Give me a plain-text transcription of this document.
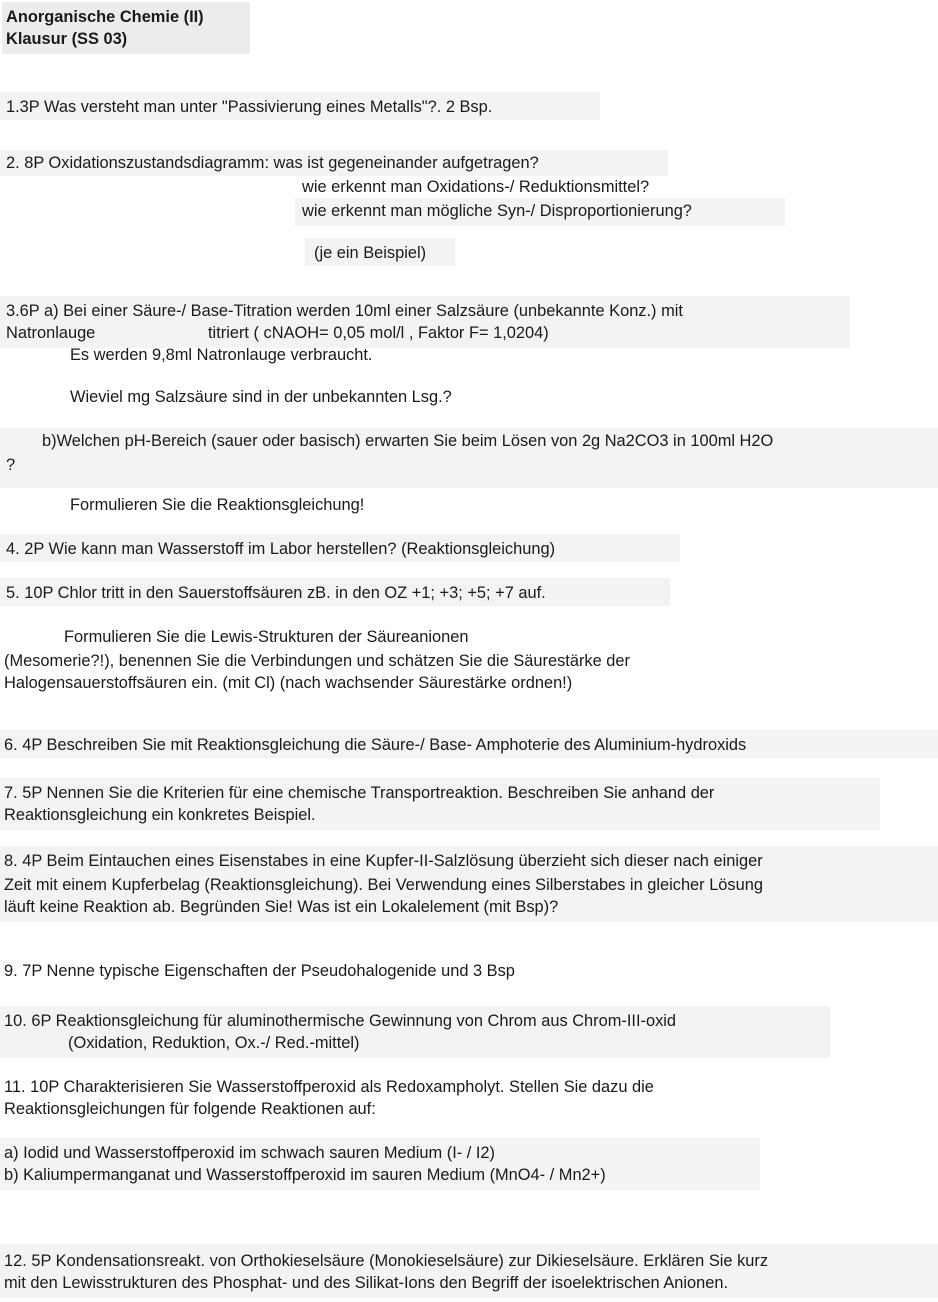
Anorganische Chemie (II)
Klausur (SS 03)
1.3P Was versteht man unter "Passivierung eines Metalls"?. 2 Bsp.
2. 8P Oxidationszustandsdiagramm: was ist gegeneinander aufgetragen?
wie erkennt man Oxidations-/ Reduktionsmittel?
wie erkennt man mögliche Syn-/ Disproportionierung?
(je ein Beispiel)
3.6P a) Bei einer Säure-/ Base-Titration werden 10ml einer Salzsäure (unbekannte Konz.) mit
Natronlauge	titriert ( cNAOH= 0,05 mol/l , Faktor F= 1,0204)
Es werden 9,8ml Natronlauge verbraucht.
Wieviel mg Salzsäure sind in der unbekannten Lsg.?
b)Welchen pH-Bereich (sauer oder basisch) erwarten Sie beim Lösen von 2g Na2CO3 in 100ml H2O
?
Formulieren Sie die Reaktionsgleichung!
4. 2P Wie kann man Wasserstoff im Labor herstellen? (Reaktionsgleichung)
5. 10P Chlor tritt in den Sauerstoffsäuren zB. in den OZ +1; +3; +5; +7 auf.
Formulieren Sie die Lewis-Strukturen der Säureanionen
(Mesomerie?!), benennen Sie die Verbindungen und schätzen Sie die Säurestärke der
Halogensauerstoffsäuren ein. (mit Cl) (nach wachsender Säurestärke ordnen!)
6. 4P Beschreiben Sie mit Reaktionsgleichung die Säure-/ Base- Amphoterie des Aluminium-hydroxids
7. 5P Nennen Sie die Kriterien für eine chemische Transportreaktion. Beschreiben Sie anhand der
Reaktionsgleichung ein konkretes Beispiel.
8. 4P Beim Eintauchen eines Eisenstabes in eine Kupfer-II-Salzlösung überzieht sich dieser nach einiger
Zeit mit einem Kupferbelag (Reaktionsgleichung). Bei Verwendung eines Silberstabes in gleicher Lösung
läuft keine Reaktion ab. Begründen Sie! Was ist ein Lokalelement (mit Bsp)?
9. 7P Nenne typische Eigenschaften der Pseudohalogenide und 3 Bsp
10. 6P Reaktionsgleichung für aluminothermische Gewinnung von Chrom aus Chrom-III-oxid
(Oxidation, Reduktion, Ox.-/ Red.-mittel)
11. 10P Charakterisieren Sie Wasserstoffperoxid als Redoxampholyt. Stellen Sie dazu die
Reaktionsgleichungen für folgende Reaktionen auf:
a) Iodid und Wasserstoffperoxid im schwach sauren Medium (I- / I2)
b) Kaliumpermanganat und Wasserstoffperoxid im sauren Medium (MnO4- / Mn2+)
12. 5P Kondensationsreakt. von Orthokieselsäure (Monokieselsäure) zur Dikieselsäure. Erklären Sie kurz
mit den Lewisstrukturen des Phosphat- und des Silikat-Ions den Begriff der isoelektrischen Anionen.
